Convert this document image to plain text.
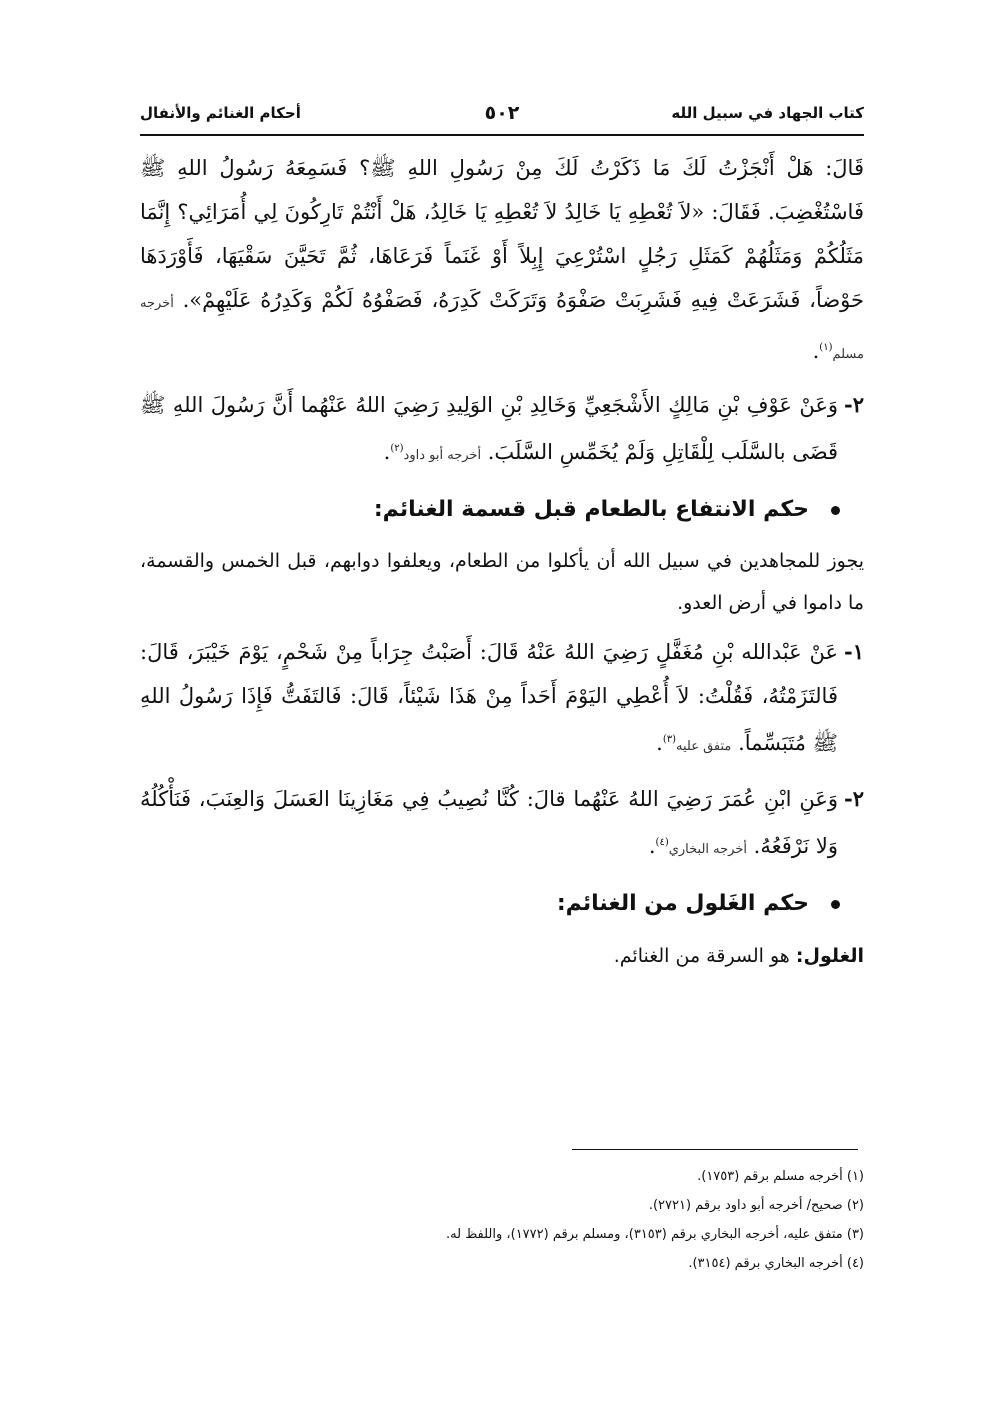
كتاب الجهاد في سبيل الله
٥٠٢
أحكام الغنائم والأنفال

قَالَ: هَلْ أَنْجَزْتُ لَكَ مَا ذَكَرْتُ لَكَ مِنْ رَسُولِ اللهِ ﷺ؟ فَسَمِعَهُ رَسُولُ اللهِ ﷺ فَاسْتُغْضِبَ. فَقَالَ: «لاَ تُعْطِهِ يَا خَالِدُ لاَ تُعْطِهِ يَا خَالِدُ، هَلْ أَنْتُمْ تَارِكُونَ لِي أُمَرَائِي؟ إِنَّمَا مَثَلُكُمْ وَمَثَلُهُمْ كَمَثَلِ رَجُلٍ اسْتُرْعِيَ إِبِلاً أَوْ غَنَماً فَرَعَاهَا، ثُمَّ تَحَيَّنَ سَقْيَهَا، فَأَوْرَدَهَا حَوْضاً، فَشَرَعَتْ فِيهِ فَشَرِبَتْ صَفْوَهُ وَتَرَكَتْ كَدِرَهُ، فَصَفْوُهُ لَكُمْ وَكَدِرُهُ عَلَيْهِمْ». أخرجه مسلم$^{(١)}$.

٢-

وَعَنْ عَوْفِ بْنِ مَالِكٍ الأَشْجَعِيِّ وَخَالِدِ بْنِ الوَلِيدِ رَضِيَ اللهُ عَنْهُما أَنَّ رَسُولَ اللهِ ﷺ قَضَى بالسَّلَب لِلْقَاتِلِ وَلَمْ يُخَمِّسِ السَّلَبَ. أخرجه أبو داود$^{(٢)}$.

حكم الانتفاع بالطعام قبل قسمة الغنائم:

يجوز للمجاهدين في سبيل الله أن يأكلوا من الطعام، ويعلفوا دوابهم، قبل الخمس والقسمة، ما داموا في أرض العدو.

١-

عَنْ عَبْدالله بْنِ مُغَفَّلٍ رَضِيَ اللهُ عَنْهُ قَالَ: أَصَبْتُ جِرَاباً مِنْ شَحْمٍ، يَوْمَ خَيْبَرَ، قَالَ: فَالتَزَمْتُهُ، فَقُلْتُ: لاَ أُعْطِي اليَوْمَ أَحَداً مِنْ هَذَا شَيْئاً، قَالَ: فَالتَفَتُّ فَإِذَا رَسُولُ اللهِ ﷺ مُتَبَسِّماً. متفق عليه$^{(٣)}$.

٢-

وَعَنِ ابْنِ عُمَرَ رَضِيَ اللهُ عَنْهُما قالَ: كُنَّا نُصِيبُ فِي مَغَازِينَا العَسَلَ وَالعِنَبَ، فَنَأْكُلُهُ وَلا نَرْفَعُهُ. أخرجه البخاري$^{(٤)}$.

حكم الغَلول من الغنائم:

الغلول: هو السرقة من الغنائم.

(١) أخرجه مسلم برقم (١٧٥٣).
(٢) صحيح/ أخرجه أبو داود برقم (٢٧٢١).
(٣) متفق عليه، أخرجه البخاري برقم (٣١٥٣)، ومسلم برقم (١٧٧٢)، واللفظ له.
(٤) أخرجه البخاري برقم (٣١٥٤).
